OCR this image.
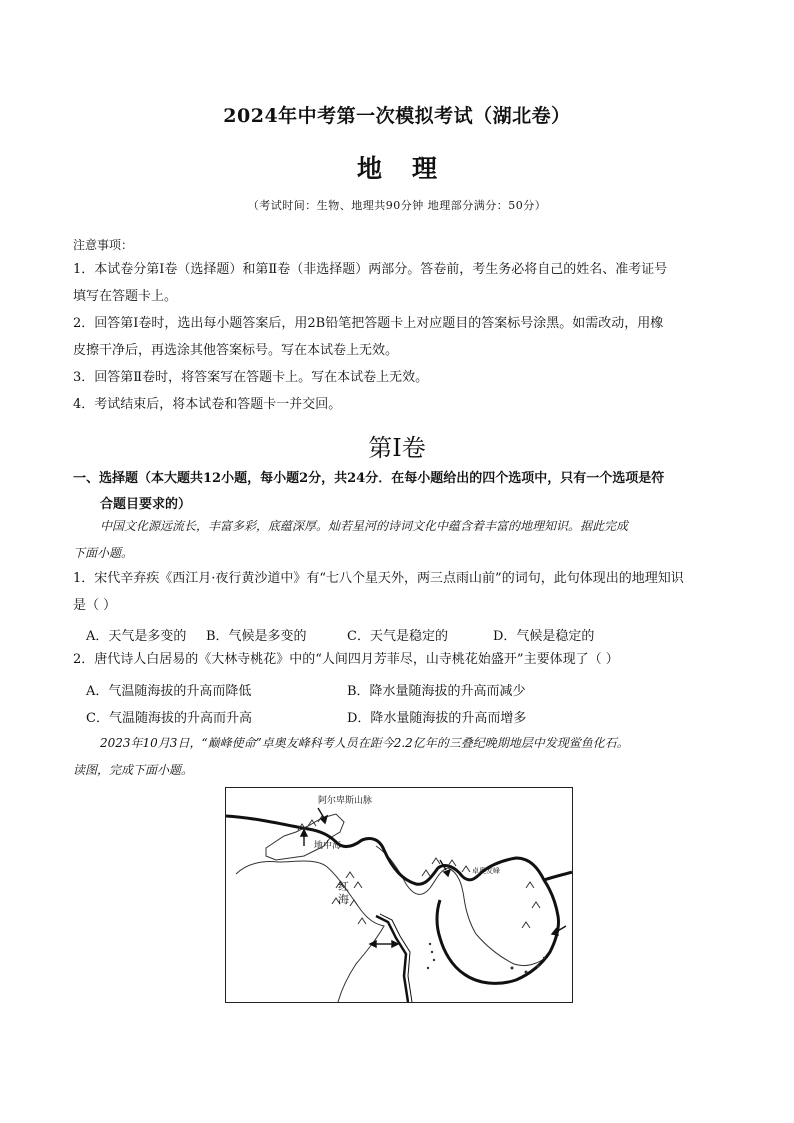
2024年中考第一次模拟考试（湖北卷）
地理
（考试时间：生物、地理共90分钟 地理部分满分：50分）
注意事项：
1．本试卷分第Ⅰ卷（选择题）和第Ⅱ卷（非选择题）两部分。答卷前，考生务必将自己的姓名、准考证号
填写在答题卡上。
2．回答第Ⅰ卷时，选出每小题答案后，用2B铅笔把答题卡上对应题目的答案标号涂黑。如需改动，用橡
皮擦干净后，再选涂其他答案标号。写在本试卷上无效。
3．回答第Ⅱ卷时，将答案写在答题卡上。写在本试卷上无效。
4．考试结束后，将本试卷和答题卡一并交回。
第Ⅰ卷
一、选择题（本大题共12小题，每小题2分，共24分．在每小题给出的四个选项中，只有一个选项是符
合题目要求的）
中国文化源远流长，丰富多彩，底蕴深厚。灿若星河的诗词文化中蕴含着丰富的地理知识。据此完成
下面小题。
1．宋代辛弃疾《西江月·夜行黄沙道中》有“七八个星天外，两三点雨山前”的词句，此句体现出的地理知识
是（ ）
A．天气是多变的 B．气候是多变的	C．天气是稳定的	D．气候是稳定的
2．唐代诗人白居易的《大林寺桃花》中的“人间四月芳菲尽，山寺桃花始盛开”主要体现了（ ）
A．气温随海拔的升高而降低	B．降水量随海拔的升高而减少
C．气温随海拔的升高而升高	D．降水量随海拔的升高而增多
2023年10月3日，“巅峰使命”卓奥友峰科考人员在距今2.2亿年的三叠纪晚期地层中发现鲎鱼化石。
读图，完成下面小题。
阿尔卑斯山脉
地中海
红海
卓奥友峰
